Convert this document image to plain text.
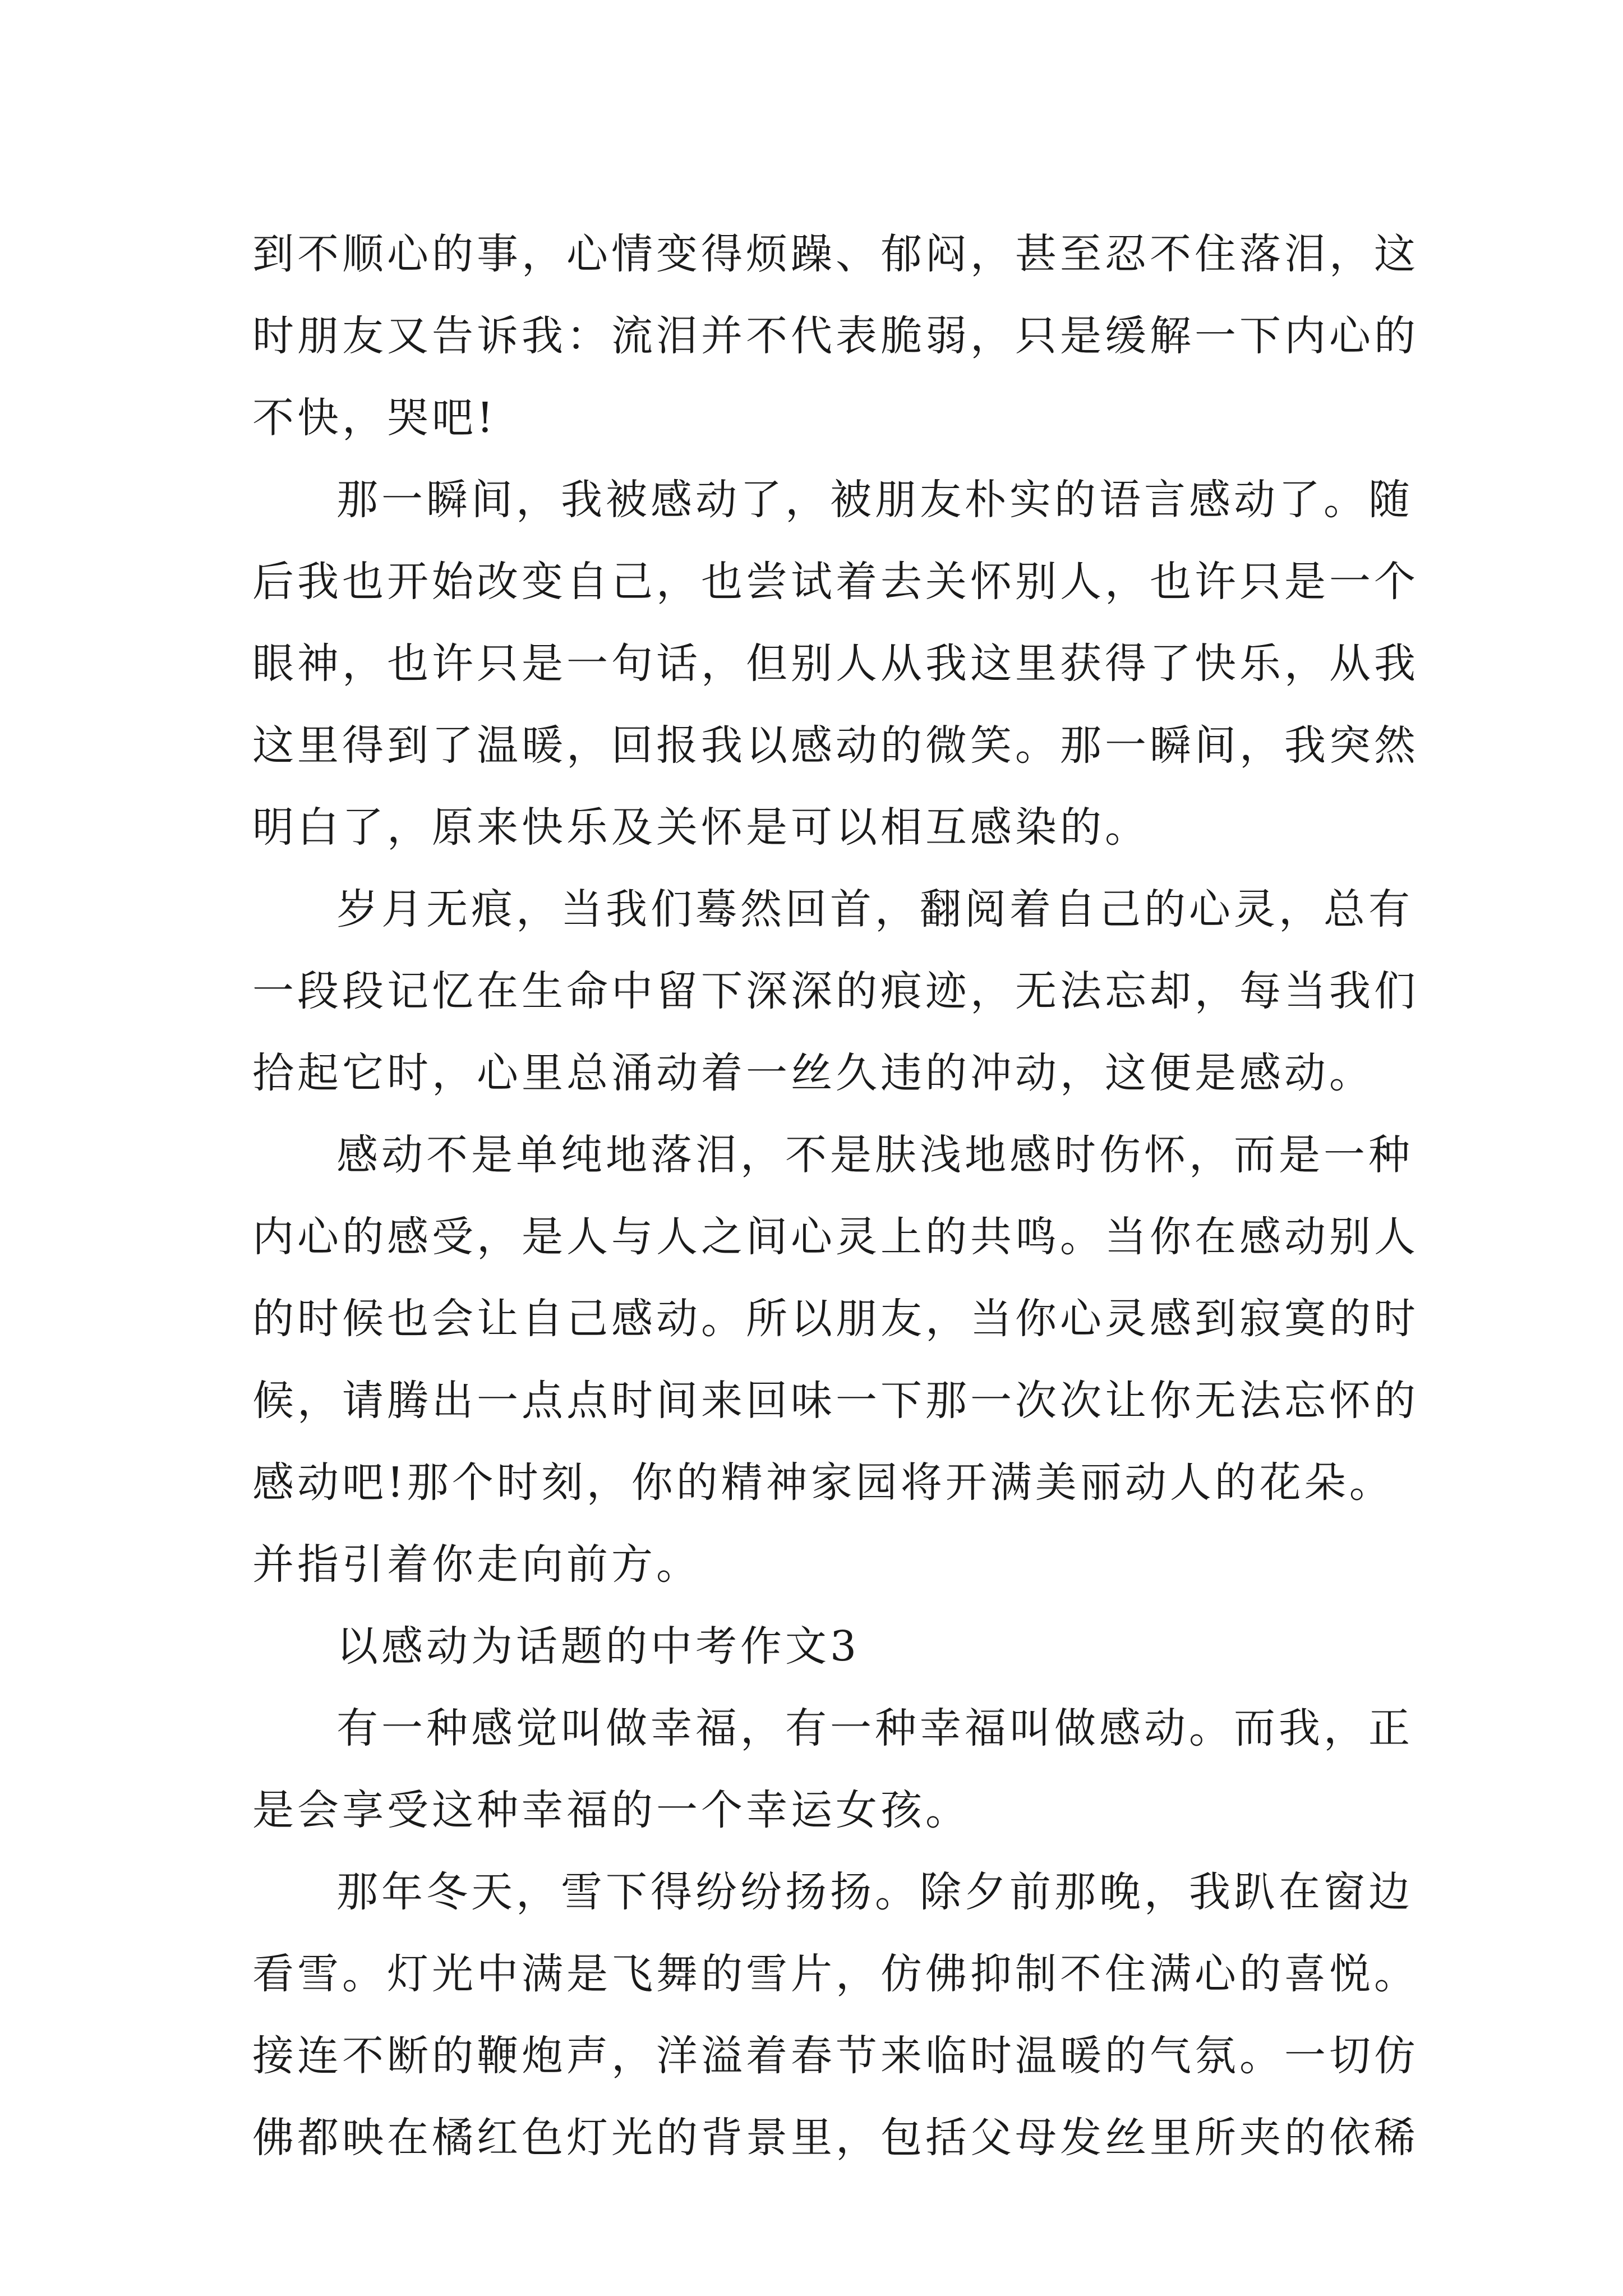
到不顺心的事，心情变得烦躁、郁闷，甚至忍不住落泪，这
时朋友又告诉我：流泪并不代表脆弱，只是缓解一下内心的
不快，哭吧!
那一瞬间，我被感动了，被朋友朴实的语言感动了。随
后我也开始改变自己，也尝试着去关怀别人，也许只是一个
眼神，也许只是一句话，但别人从我这里获得了快乐，从我
这里得到了温暖，回报我以感动的微笑。那一瞬间，我突然
明白了，原来快乐及关怀是可以相互感染的。
岁月无痕，当我们蓦然回首，翻阅着自己的心灵，总有
一段段记忆在生命中留下深深的痕迹，无法忘却，每当我们
拾起它时，心里总涌动着一丝久违的冲动，这便是感动。
感动不是单纯地落泪，不是肤浅地感时伤怀，而是一种
内心的感受，是人与人之间心灵上的共鸣。当你在感动别人
的时候也会让自己感动。所以朋友，当你心灵感到寂寞的时
候，请腾出一点点时间来回味一下那一次次让你无法忘怀的
感动吧!那个时刻，你的精神家园将开满美丽动人的花朵。
并指引着你走向前方。
以感动为话题的中考作文3
有一种感觉叫做幸福，有一种幸福叫做感动。而我，正
是会享受这种幸福的一个幸运女孩。
那年冬天，雪下得纷纷扬扬。除夕前那晚，我趴在窗边
看雪。灯光中满是飞舞的雪片，仿佛抑制不住满心的喜悦。
接连不断的鞭炮声，洋溢着春节来临时温暖的气氛。一切仿
佛都映在橘红色灯光的背景里，包括父母发丝里所夹的依稀
